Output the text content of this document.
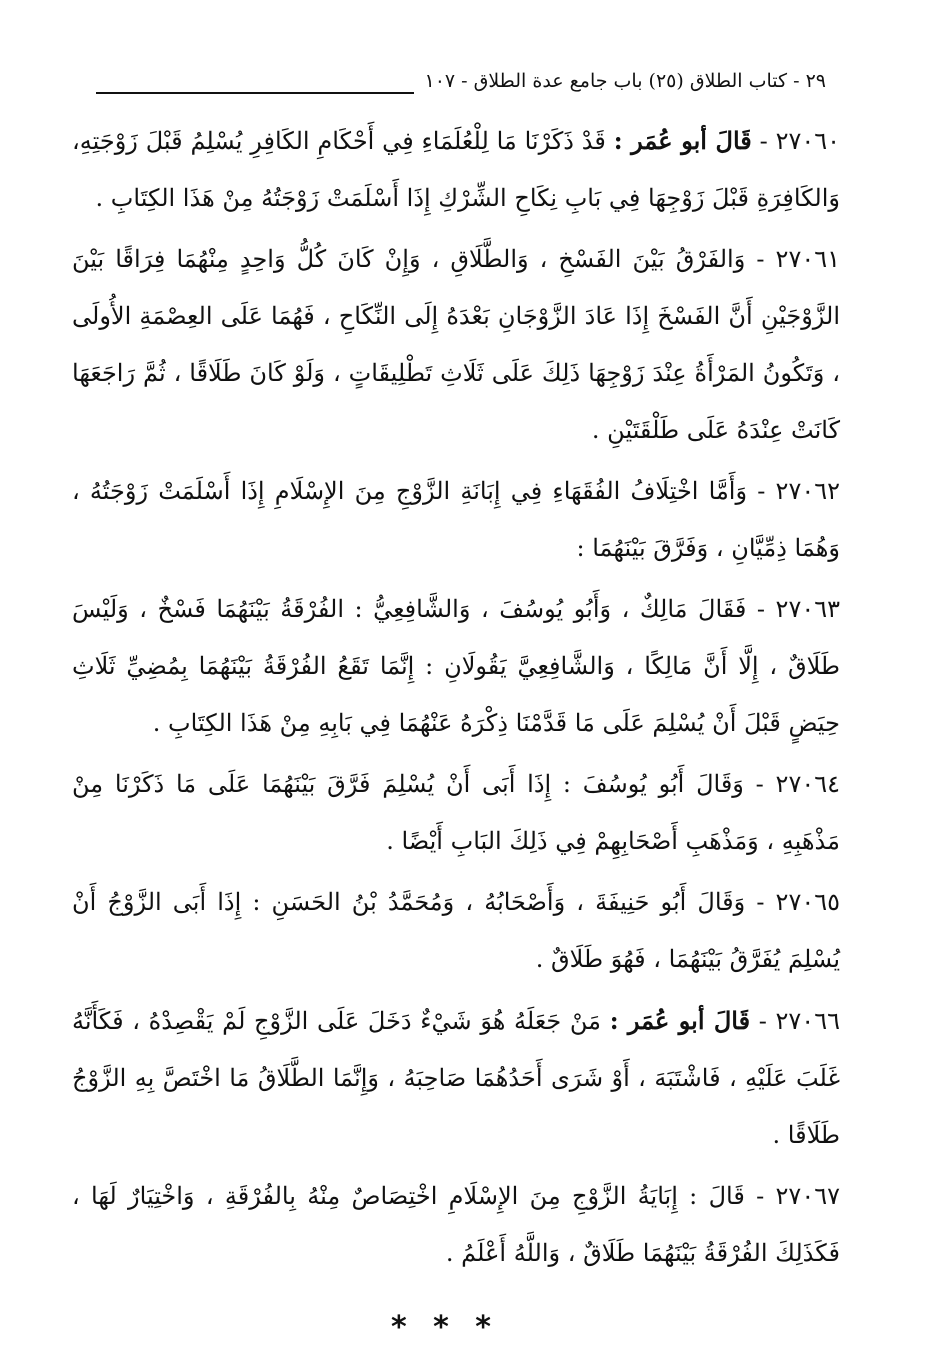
٢٩ - كتاب الطلاق (٢٥) باب جامع عدة الطلاق - ١٠٧

٢٧٠٦٠ - قَالَ أبو عُمَر : قَدْ ذَكَرْنَا مَا لِلْعُلَمَاءِ فِي أَحْكَامِ الكَافِرِ يُسْلِمُ قَبْلَ زَوْجَتِهِ، وَالكَافِرَةِ قَبْلَ زَوْجِهَا فِي بَابِ نِكَاحِ الشِّرْكِ إِذَا أَسْلَمَتْ زَوْجَتُهُ مِنْ هَذَا الكِتَابِ .

٢٧٠٦١ - وَالفَرْقُ بَيْنَ الفَسْخِ ، وَالطَّلَاقِ ، وَإِنْ كَانَ كُلُّ وَاحِدٍ مِنْهُمَا فِرَاقًا بَيْنَ الزَّوْجَيْنِ أَنَّ الفَسْخَ إِذَا عَادَ الزَّوْجَانِ بَعْدَهُ إِلَى النِّكَاحِ ، فَهُمَا عَلَى العِصْمَةِ الأُولَى ، وَتَكُونُ المَرْأَةُ عِنْدَ زَوْجِهَا ذَلِكَ عَلَى ثَلَاثِ تَطْلِيقَاتٍ ، وَلَوْ كَانَ طَلَاقًا ، ثُمَّ رَاجَعَهَا كَانَتْ عِنْدَهُ عَلَى طَلْقَتَيْنِ .

٢٧٠٦٢ - وَأَمَّا اخْتِلَافُ الفُقَهَاءِ فِي إِبَانَةِ الزَّوْجِ مِنَ الإِسْلَامِ إِذَا أَسْلَمَتْ زَوْجَتُهُ ، وَهُمَا ذِمِّيَّانِ ، وَفَرَّقَ بَيْنَهُمَا :

٢٧٠٦٣ - فَقَالَ مَالِكٌ ، وَأَبُو يُوسُفَ ، وَالشَّافِعِيُّ : الفُرْقَةُ بَيْنَهُمَا فَسْخٌ ، وَلَيْسَ طَلَاقٌ ، إِلَّا أَنَّ مَالِكًا ، وَالشَّافِعِيَّ يَقُولَانِ : إِنَّمَا تَقَعُ الفُرْقَةُ بَيْنَهُمَا بِمُضِيِّ ثَلَاثِ حِيَضٍ قَبْلَ أَنْ يُسْلِمَ عَلَى مَا قَدَّمْنَا ذِكْرَهُ عَنْهُمَا فِي بَابِهِ مِنْ هَذَا الكِتَابِ .

٢٧٠٦٤ - وَقَالَ أَبُو يُوسُفَ : إِذَا أَبَى أَنْ يُسْلِمَ فَرَّقَ بَيْنَهُمَا عَلَى مَا ذَكَرْنَا مِنْ مَذْهَبِهِ ، وَمَذْهَبِ أَصْحَابِهِمْ فِي ذَلِكَ البَابِ أَيْضًا .

٢٧٠٦٥ - وَقَالَ أَبُو حَنِيفَةَ ، وَأَصْحَابُهُ ، وَمُحَمَّدُ بْنُ الحَسَنِ : إِذَا أَبَى الزَّوْجُ أَنْ يُسْلِمَ يُفَرَّقُ بَيْنَهُمَا ، فَهُوَ طَلَاقٌ .

٢٧٠٦٦ - قَالَ أبو عُمَر : مَنْ جَعَلَهُ هُوَ شَيْءٌ دَخَلَ عَلَى الزَّوْجِ لَمْ يَقْصِدْهُ ، فَكَأَنَّهُ غَلَبَ عَلَيْهِ ، فَاشْتَبَهَ ، أَوْ شَرَى أَحَدُهُمَا صَاحِبَهُ ، وَإِنَّمَا الطَّلَاقُ مَا اخْتَصَّ بِهِ الزَّوْجُ طَلَاقًا .

٢٧٠٦٧ - قَالَ : إِبَايَةُ الزَّوْجِ مِنَ الإِسْلَامِ اخْتِصَاصٌ مِنْهُ بِالفُرْقَةِ ، وَاخْتِيَارٌ لَهَا ، فَكَذَلِكَ الفُرْقَةُ بَيْنَهُمَا طَلَاقٌ ، وَاللَّهُ أَعْلَمُ .

* * *
